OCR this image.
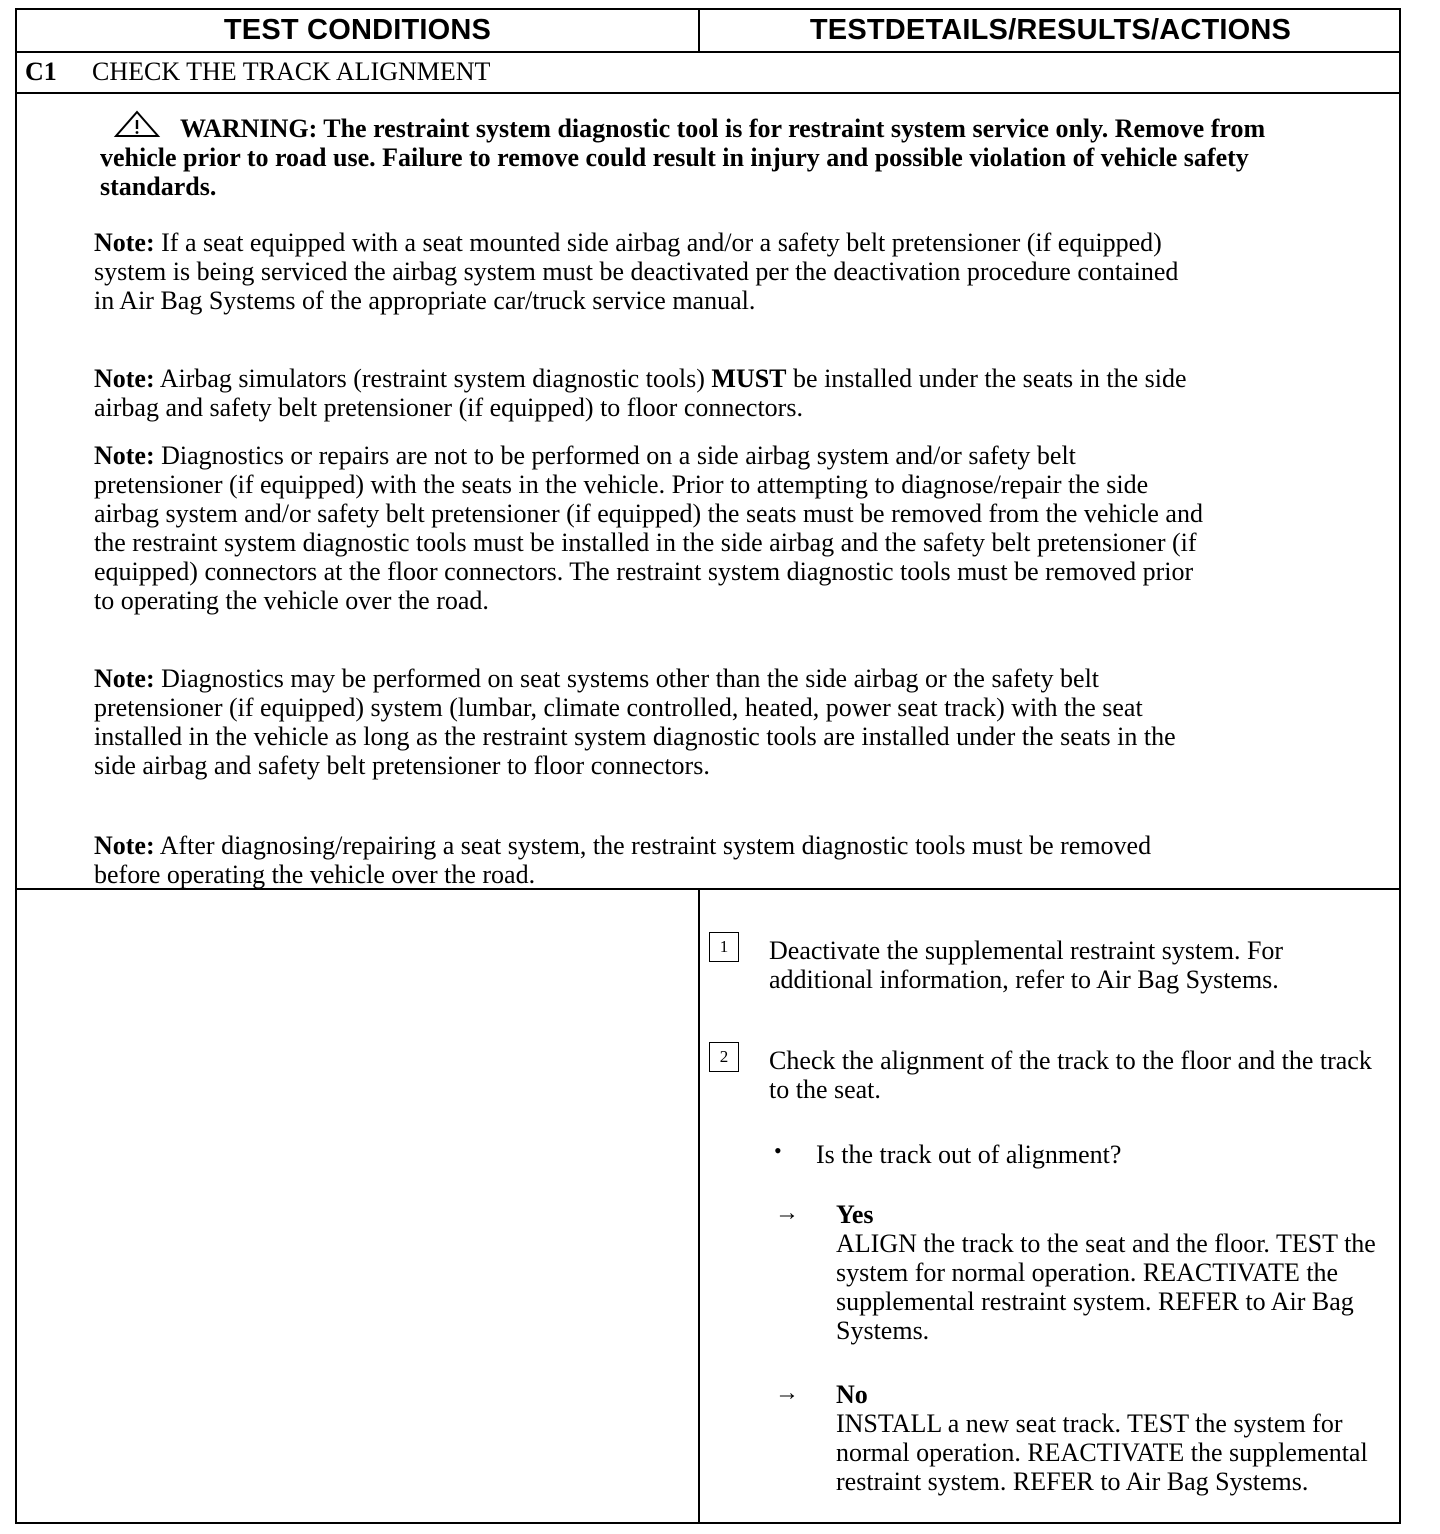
TEST CONDITIONS	TESTDETAILS/RESULTS/ACTIONS
C1 CHECK THE TRACK ALIGNMENT
WARNING: The restraint system diagnostic tool is for restraint system service only. Remove from vehicle prior to road use. Failure to remove could result in injury and possible violation of vehicle safety standards.
Note: If a seat equipped with a seat mounted side airbag and/or a safety belt pretensioner (if equipped) system is being serviced the airbag system must be deactivated per the deactivation procedure contained in Air Bag Systems of the appropriate car/truck service manual.
Note: Airbag simulators (restraint system diagnostic tools) MUST be installed under the seats in the side airbag and safety belt pretensioner (if equipped) to floor connectors.
Note: Diagnostics or repairs are not to be performed on a side airbag system and/or safety belt pretensioner (if equipped) with the seats in the vehicle. Prior to attempting to diagnose/repair the side airbag system and/or safety belt pretensioner (if equipped) the seats must be removed from the vehicle and the restraint system diagnostic tools must be installed in the side airbag and the safety belt pretensioner (if equipped) connectors at the floor connectors. The restraint system diagnostic tools must be removed prior to operating the vehicle over the road.
Note: Diagnostics may be performed on seat systems other than the side airbag or the safety belt pretensioner (if equipped) system (lumbar, climate controlled, heated, power seat track) with the seat installed in the vehicle as long as the restraint system diagnostic tools are installed under the seats in the side airbag and safety belt pretensioner to floor connectors.
Note: After diagnosing/repairing a seat system, the restraint system diagnostic tools must be removed before operating the vehicle over the road.
1	Deactivate the supplemental restraint system. For additional information, refer to Air Bag Systems.
2	Check the alignment of the track to the floor and the track to the seat.
• Is the track out of alignment?
→ Yes
ALIGN the track to the seat and the floor. TEST the system for normal operation. REACTIVATE the supplemental restraint system. REFER to Air Bag Systems.
→ No
INSTALL a new seat track. TEST the system for normal operation. REACTIVATE the supplemental restraint system. REFER to Air Bag Systems.
